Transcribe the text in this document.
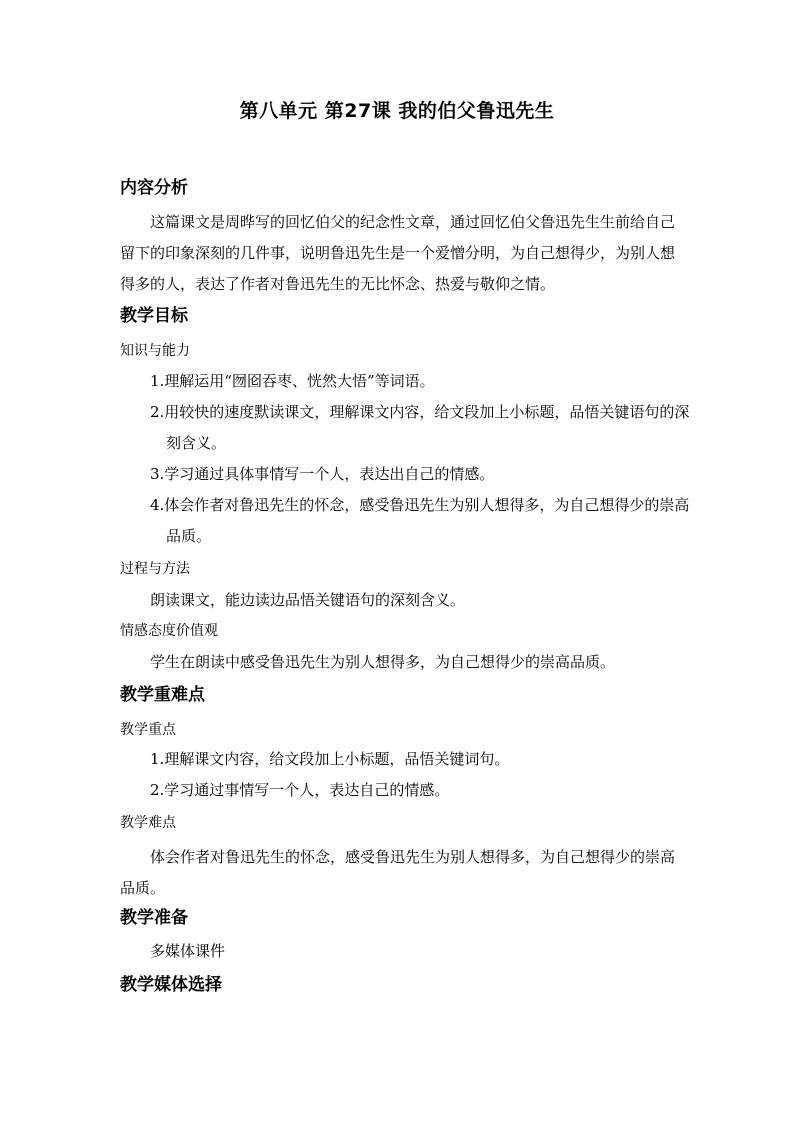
第八单元 第27课 我的伯父鲁迅先生
内容分析

这篇课文是周晔写的回忆伯父的纪念性文章，通过回忆伯父鲁迅先生生前给自己留下的印象深刻的几件事，说明鲁迅先生是一个爱憎分明，为自己想得少，为别人想得多的人，表达了作者对鲁迅先生的无比怀念、热爱与敬仰之情。

教学目标
知识与能力

1.理解运用“囫囵吞枣、恍然大悟”等词语。

2.用较快的速度默读课文，理解课文内容，给文段加上小标题，品悟关键语句的深刻含义。

3.学习通过具体事情写一个人，表达出自己的情感。

4.体会作者对鲁迅先生的怀念，感受鲁迅先生为别人想得多，为自己想得少的崇高品质。

过程与方法

朗读课文，能边读边品悟关键语句的深刻含义。

情感态度价值观

学生在朗读中感受鲁迅先生为别人想得多，为自己想得少的崇高品质。

教学重难点
教学重点

1.理解课文内容，给文段加上小标题，品悟关键词句。

2.学习通过事情写一个人，表达自己的情感。

教学难点

体会作者对鲁迅先生的怀念，感受鲁迅先生为别人想得多，为自己想得少的崇高品质。

教学准备

多媒体课件

教学媒体选择
